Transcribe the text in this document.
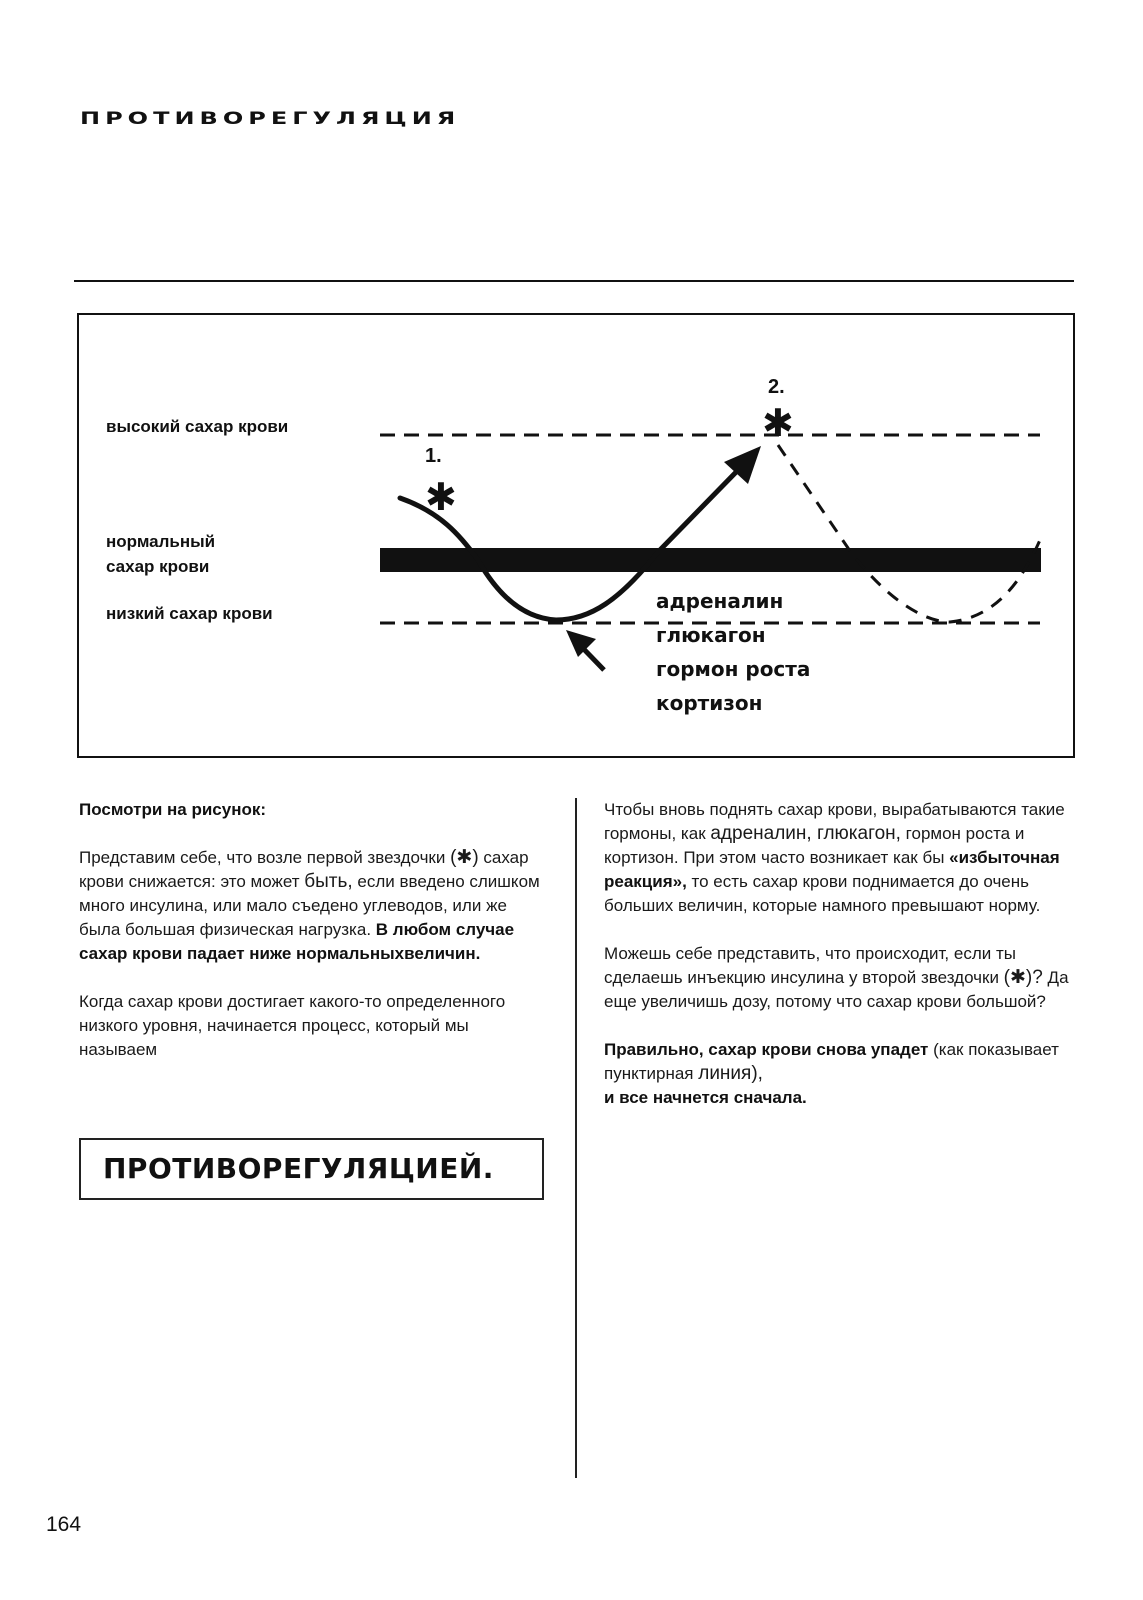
ПРОТИВОРЕГУЛЯЦИЯ
высокий сахар крови
нормальный
сахар крови
низкий сахар крови
1.
✱
2.
✱
адреналин
глюкагон
гормон роста
кортизон

Посмотри на рисунок:

Представим себе, что возле первой звездочки (✱) сахар крови снижается: это может быть, если введено слишком много инсулина, или мало съедено углеводов, или же была большая физическая нагрузка. В любом случае сахар крови падает ниже нормальныхвеличин.

Когда сахар крови достигает какого-то определенного низкого уровня, начинается процесс, который мы называем

ПРОТИВОРЕГУЛЯЦИЕЙ.

Чтобы вновь поднять сахар крови, вырабатываются такие гормоны, как адреналин, глюкагон, гормон роста и кортизон. При этом часто возникает как бы «избыточная реакция», то есть сахар крови поднимается до очень больших величин, которые намного превышают норму.

Можешь себе представить, что происходит, если ты сделаешь инъекцию инсулина у второй звездочки (✱)? Да еще увеличишь дозу, потому что сахар крови большой?

Правильно, сахар крови снова упадет (как показывает пунктирная линия),
и все начнется сначала.

164
